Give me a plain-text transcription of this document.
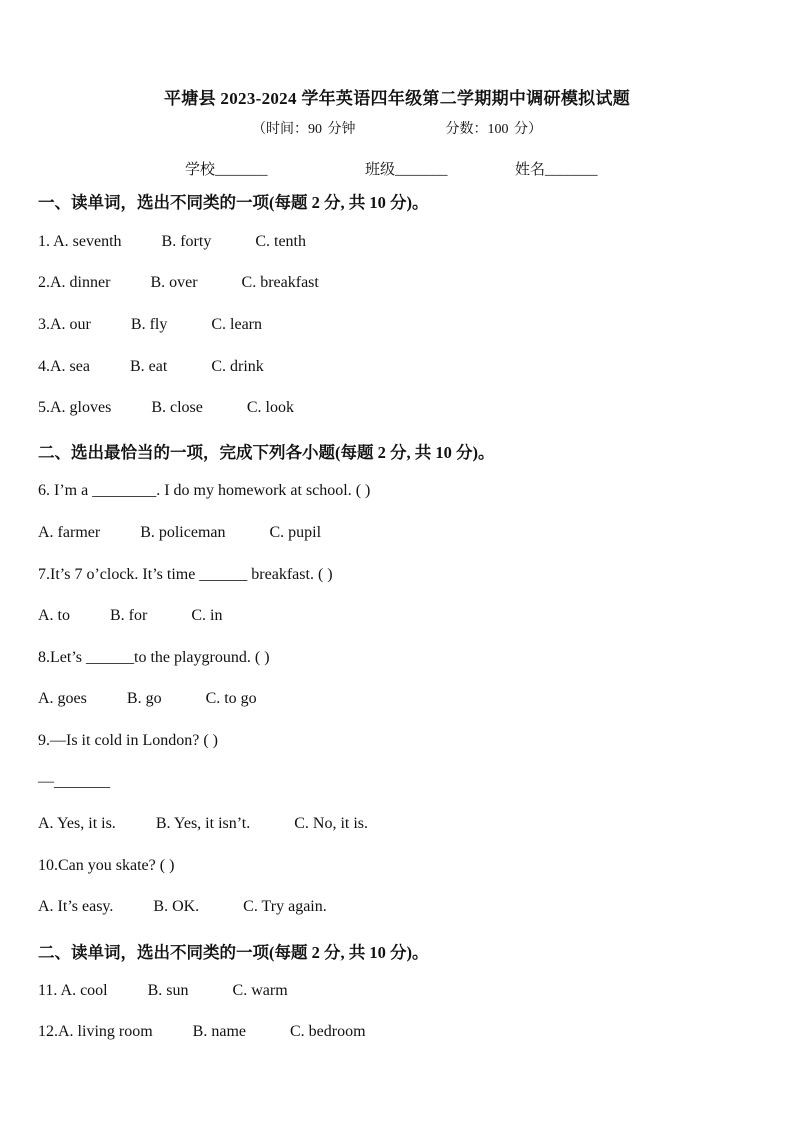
平塘县 2023-2024 学年英语四年级第二学期期中调研模拟试题
（时间：90 分钟	分数：100 分）
学校_______	班级_______	姓名_______
一、读单词，选出不同类的一项(每题 2 分, 共 10 分)。
1. A. seventh	B. forty	C. tenth
2.A. dinner	B. over	C. breakfast
3.A. our	B. fly	C. learn
4.A. sea	B. eat	C. drink
5.A. gloves	B. close	C. look
二、选出最恰当的一项，完成下列各小题(每题 2 分, 共 10 分)。
6. I’m a ________. I do my homework at school. ( )
A. farmer	B. policeman	C. pupil
7.It’s 7 o’clock. It’s time ______ breakfast. ( )
A. to	B. for	C. in
8.Let’s ______to the playground. ( )
A. goes	B. go	C. to go
9.—Is it cold in London? ( )
—_______
A. Yes, it is.	B. Yes, it isn’t.	C. No, it is.
10.Can you skate? ( )
A. It’s easy.	B. OK.	C. Try again.
二、读单词，选出不同类的一项(每题 2 分, 共 10 分)。
11. A. cool	B. sun	C. warm
12.A. living room	B. name	C. bedroom
